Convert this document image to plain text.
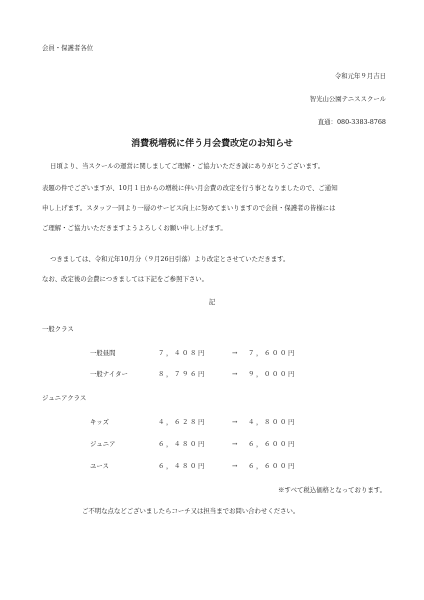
会員・保護者各位
令和元年９月吉日
智光山公園テニススクール
直通：080-3383-8768
消費税増税に伴う月会費改定のお知らせ
日頃より、当スクールの運営に関しましてご理解・ご協力いただき誠にありがとうございます。
表題の件でございますが、10月１日からの増税に伴い月会費の改定を行う事となりましたので、ご通知
申し上げます。スタッフ一同より一層のサービス向上に努めてまいりますので会員・保護者の皆様には
ご理解・ご協力いただきますようよろしくお願い申し上げます。
つきましては、令和元年10月分（９月26日引落）より改定とさせていただきます。
なお、改定後の会費につきましては下記をご参照下さい。
記
一般クラス
一般昼間	７，４０８円	→ ７，６００円
一般ナイター	８，７９６円	→ ９，０００円
ジュニアクラス
キッズ	４，６２８円	→ ４，８００円
ジュニア	６，４８０円	→ ６，６００円
ユース	６，４８０円	→ ６，６００円
※すべて税込価格となっております。
ご不明な点などございましたらコーチ又は担当までお問い合わせください。
